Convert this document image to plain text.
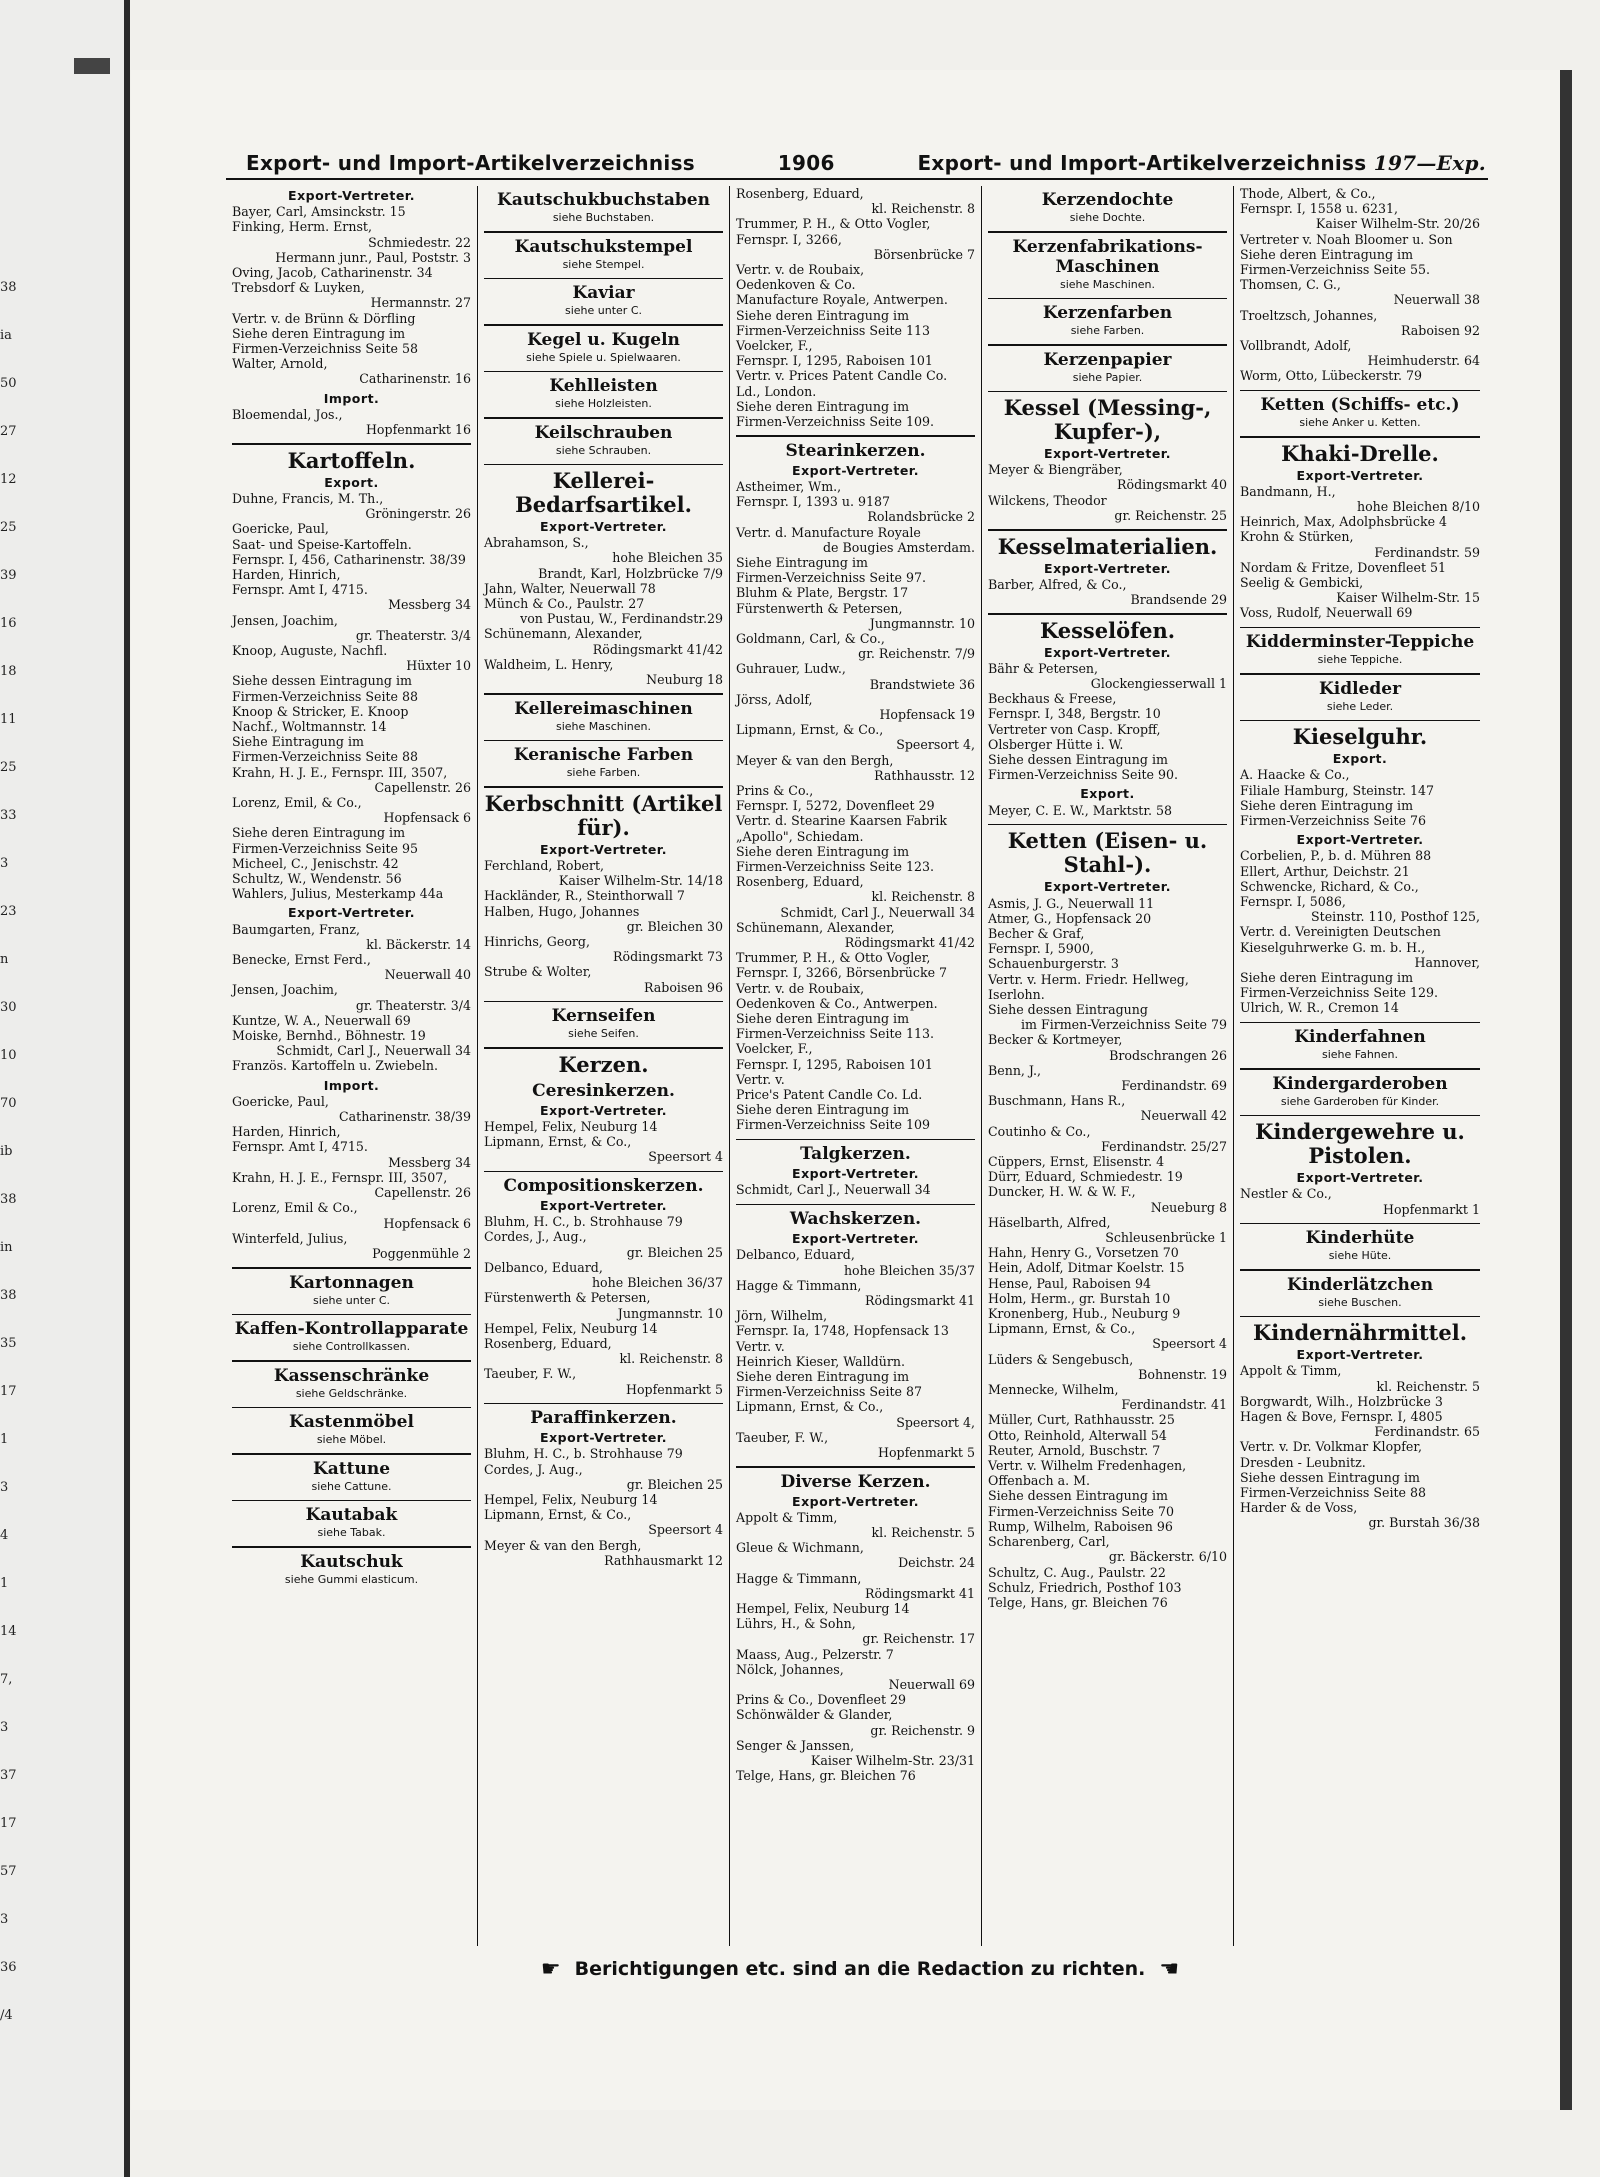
38
ia
50
27
12
25
39
16
18
11
25
33
3
23
n
30
10
70
ib
38
in
38
35
17
1
3
4
1
14
7,
3
37
17
57
3
36
/4
Export- und Import-Artikelverzeichniss	1906	Export- und Import-Artikelverzeichniss 197—Exp.
Export-Vertreter.
Bayer, Carl, Amsinckstr. 15
Finking, Herm. Ernst,
Schmiedestr. 22
Hermann junr., Paul, Poststr. 3
Oving, Jacob, Catharinenstr. 34
Trebsdorf & Luyken,
Hermannstr. 27
Vertr. v. de Brünn & Dörfling
Siehe deren Eintragung im
Firmen-Verzeichniss Seite 58
Walter, Arnold,
Catharinenstr. 16
Import.
Bloemendal, Jos.,
Hopfenmarkt 16
Kartoffeln.
Export.
Duhne, Francis, M. Th.,
Gröningerstr. 26
Goericke, Paul,
Saat- und Speise-Kartoffeln.
Fernspr. I, 456, Catharinenstr. 38/39
Harden, Hinrich,
Fernspr. Amt I, 4715.
Messberg 34
Jensen, Joachim,
gr. Theaterstr. 3/4
Knoop, Auguste, Nachfl.
Hüxter 10
Siehe dessen Eintragung im
Firmen-Verzeichniss Seite 88
Knoop & Stricker, E. Knoop
Nachf., Woltmannstr. 14
Siehe Eintragung im
Firmen-Verzeichniss Seite 88
Krahn, H. J. E., Fernspr. III, 3507,
Capellenstr. 26
Lorenz, Emil, & Co.,
Hopfensack 6
Siehe deren Eintragung im
Firmen-Verzeichniss Seite 95
Micheel, C., Jenischstr. 42
Schultz, W., Wendenstr. 56
Wahlers, Julius, Mesterkamp 44a
Export-Vertreter.
Baumgarten, Franz,
kl. Bäckerstr. 14
Benecke, Ernst Ferd.,
Neuerwall 40
Jensen, Joachim,
gr. Theaterstr. 3/4
Kuntze, W. A., Neuerwall 69
Moiske, Bernhd., Böhnestr. 19
Schmidt, Carl J., Neuerwall 34
Französ. Kartoffeln u. Zwiebeln.
Import.
Goericke, Paul,
Catharinenstr. 38/39
Harden, Hinrich,
Fernspr. Amt I, 4715.
Messberg 34
Krahn, H. J. E., Fernspr. III, 3507,
Capellenstr. 26
Lorenz, Emil & Co.,
Hopfensack 6
Winterfeld, Julius,
Poggenmühle 2
Kartonnagen
siehe unter C.
Kaffen-Kontrollapparate
siehe Controllkassen.
Kassenschränke
siehe Geldschränke.
Kastenmöbel
siehe Möbel.
Kattune
siehe Cattune.
Kautabak
siehe Tabak.
Kautschuk
siehe Gummi elasticum.
Kautschukbuchstaben
siehe Buchstaben.
Kautschukstempel
siehe Stempel.
Kaviar
siehe unter C.
Kegel u. Kugeln
siehe Spiele u. Spielwaaren.
Kehlleisten
siehe Holzleisten.
Keilschrauben
siehe Schrauben.
Kellerei-Bedarfsartikel.
Export-Vertreter.
Abrahamson, S.,
hohe Bleichen 35
Brandt, Karl, Holzbrücke 7/9
Jahn, Walter, Neuerwall 78
Münch & Co., Paulstr. 27
von Pustau, W., Ferdinandstr.29
Schünemann, Alexander,
Rödingsmarkt 41/42
Waldheim, L. Henry,
Neuburg 18
Kellereimaschinen
siehe Maschinen.
Keranische Farben
siehe Farben.
Kerbschnitt (Artikel für).
Export-Vertreter.
Ferchland, Robert,
Kaiser Wilhelm-Str. 14/18
Hackländer, R., Steinthorwall 7
Halben, Hugo, Johannes
gr. Bleichen 30
Hinrichs, Georg,
Rödingsmarkt 73
Strube & Wolter,
Raboisen 96
Kernseifen
siehe Seifen.
Kerzen.
Ceresinkerzen.
Export-Vertreter.
Hempel, Felix, Neuburg 14
Lipmann, Ernst, & Co.,
Speersort 4
Compositionskerzen.
Export-Vertreter.
Bluhm, H. C., b. Strohhause 79
Cordes, J., Aug.,
gr. Bleichen 25
Delbanco, Eduard,
hohe Bleichen 36/37
Fürstenwerth & Petersen,
Jungmannstr. 10
Hempel, Felix, Neuburg 14
Rosenberg, Eduard,
kl. Reichenstr. 8
Taeuber, F. W.,
Hopfenmarkt 5
Paraffinkerzen.
Export-Vertreter.
Bluhm, H. C., b. Strohhause 79
Cordes, J. Aug.,
gr. Bleichen 25
Hempel, Felix, Neuburg 14
Lipmann, Ernst, & Co.,
Speersort 4
Meyer & van den Bergh,
Rathhausmarkt 12
Rosenberg, Eduard,
kl. Reichenstr. 8
Trummer, P. H., & Otto Vogler,
Fernspr. I, 3266,
Börsenbrücke 7
Vertr. v. de Roubaix,
Oedenkoven & Co.
Manufacture Royale, Antwerpen.
Siehe deren Eintragung im
Firmen-Verzeichniss Seite 113
Voelcker, F.,
Fernspr. I, 1295, Raboisen 101
Vertr. v. Prices Patent Candle Co.
Ld., London.
Siehe deren Eintragung im
Firmen-Verzeichniss Seite 109.
Stearinkerzen.
Export-Vertreter.
Astheimer, Wm.,
Fernspr. I, 1393 u. 9187
Rolandsbrücke 2
Vertr. d. Manufacture Royale
de Bougies Amsterdam.
Siehe Eintragung im
Firmen-Verzeichniss Seite 97.
Bluhm & Plate, Bergstr. 17
Fürstenwerth & Petersen,
Jungmannstr. 10
Goldmann, Carl, & Co.,
gr. Reichenstr. 7/9
Guhrauer, Ludw.,
Brandstwiete 36
Jörss, Adolf,
Hopfensack 19
Lipmann, Ernst, & Co.,
Speersort 4,
Meyer & van den Bergh,
Rathhausstr. 12
Prins & Co.,
Fernspr. I, 5272, Dovenfleet 29
Vertr. d. Stearine Kaarsen Fabrik
„Apollo", Schiedam.
Siehe deren Eintragung im
Firmen-Verzeichniss Seite 123.
Rosenberg, Eduard,
kl. Reichenstr. 8
Schmidt, Carl J., Neuerwall 34
Schünemann, Alexander,
Rödingsmarkt 41/42
Trummer, P. H., & Otto Vogler,
Fernspr. I, 3266, Börsenbrücke 7
Vertr. v. de Roubaix,
Oedenkoven & Co., Antwerpen.
Siehe deren Eintragung im
Firmen-Verzeichniss Seite 113.
Voelcker, F.,
Fernspr. I, 1295, Raboisen 101
Vertr. v.
Price's Patent Candle Co. Ld.
Siehe deren Eintragung im
Firmen-Verzeichniss Seite 109
Talgkerzen.
Export-Vertreter.
Schmidt, Carl J., Neuerwall 34
Wachskerzen.
Export-Vertreter.
Delbanco, Eduard,
hohe Bleichen 35/37
Hagge & Timmann,
Rödingsmarkt 41
Jörn, Wilhelm,
Fernspr. Ia, 1748, Hopfensack 13
Vertr. v.
Heinrich Kieser, Walldürn.
Siehe deren Eintragung im
Firmen-Verzeichniss Seite 87
Lipmann, Ernst, & Co.,
Speersort 4,
Taeuber, F. W.,
Hopfenmarkt 5
Diverse Kerzen.
Export-Vertreter.
Appolt & Timm,
kl. Reichenstr. 5
Gleue & Wichmann,
Deichstr. 24
Hagge & Timmann,
Rödingsmarkt 41
Hempel, Felix, Neuburg 14
Lührs, H., & Sohn,
gr. Reichenstr. 17
Maass, Aug., Pelzerstr. 7
Nölck, Johannes,
Neuerwall 69
Prins & Co., Dovenfleet 29
Schönwälder & Glander,
gr. Reichenstr. 9
Senger & Janssen,
Kaiser Wilhelm-Str. 23/31
Telge, Hans, gr. Bleichen 76
Kerzendochte
siehe Dochte.
Kerzenfabrikations-Maschinen
siehe Maschinen.
Kerzenfarben
siehe Farben.
Kerzenpapier
siehe Papier.
Kessel (Messing-, Kupfer-),
Export-Vertreter.
Meyer & Biengräber,
Rödingsmarkt 40
Wilckens, Theodor
gr. Reichenstr. 25
Kesselmaterialien.
Export-Vertreter.
Barber, Alfred, & Co.,
Brandsende 29
Kesselöfen.
Export-Vertreter.
Bähr & Petersen,
Glockengiesserwall 1
Beckhaus & Freese,
Fernspr. I, 348, Bergstr. 10
Vertreter von Casp. Kropff,
Olsberger Hütte i. W.
Siehe dessen Eintragung im
Firmen-Verzeichniss Seite 90.
Export.
Meyer, C. E. W., Marktstr. 58
Ketten (Eisen- u. Stahl-).
Export-Vertreter.
Asmis, J. G., Neuerwall 11
Atmer, G., Hopfensack 20
Becher & Graf,
Fernspr. I, 5900,
Schauenburgerstr. 3
Vertr. v. Herm. Friedr. Hellweg,
Iserlohn.
Siehe dessen Eintragung
im Firmen-Verzeichniss Seite 79
Becker & Kortmeyer,
Brodschrangen 26
Benn, J.,
Ferdinandstr. 69
Buschmann, Hans R.,
Neuerwall 42
Coutinho & Co.,
Ferdinandstr. 25/27
Cüppers, Ernst, Elisenstr. 4
Dürr, Eduard, Schmiedestr. 19
Duncker, H. W. & W. F.,
Neueburg 8
Häselbarth, Alfred,
Schleusenbrücke 1
Hahn, Henry G., Vorsetzen 70
Hein, Adolf, Ditmar Koelstr. 15
Hense, Paul, Raboisen 94
Holm, Herm., gr. Burstah 10
Kronenberg, Hub., Neuburg 9
Lipmann, Ernst, & Co.,
Speersort 4
Lüders & Sengebusch,
Bohnenstr. 19
Mennecke, Wilhelm,
Ferdinandstr. 41
Müller, Curt, Rathhausstr. 25
Otto, Reinhold, Alterwall 54
Reuter, Arnold, Buschstr. 7
Vertr. v. Wilhelm Fredenhagen,
Offenbach a. M.
Siehe dessen Eintragung im
Firmen-Verzeichniss Seite 70
Rump, Wilhelm, Raboisen 96
Scharenberg, Carl,
gr. Bäckerstr. 6/10
Schultz, C. Aug., Paulstr. 22
Schulz, Friedrich, Posthof 103
Telge, Hans, gr. Bleichen 76
Thode, Albert, & Co.,
Fernspr. I, 1558 u. 6231,
Kaiser Wilhelm-Str. 20/26
Vertreter v. Noah Bloomer u. Son
Siehe deren Eintragung im
Firmen-Verzeichniss Seite 55.
Thomsen, C. G.,
Neuerwall 38
Troeltzsch, Johannes,
Raboisen 92
Vollbrandt, Adolf,
Heimhuderstr. 64
Worm, Otto, Lübeckerstr. 79
Ketten (Schiffs- etc.)
siehe Anker u. Ketten.
Khaki-Drelle.
Export-Vertreter.
Bandmann, H.,
hohe Bleichen 8/10
Heinrich, Max, Adolphsbrücke 4
Krohn & Stürken,
Ferdinandstr. 59
Nordam & Fritze, Dovenfleet 51
Seelig & Gembicki,
Kaiser Wilhelm-Str. 15
Voss, Rudolf, Neuerwall 69
Kidderminster-Teppiche
siehe Teppiche.
Kidleder
siehe Leder.
Kieselguhr.
Export.
A. Haacke & Co.,
Filiale Hamburg, Steinstr. 147
Siehe deren Eintragung im
Firmen-Verzeichniss Seite 76
Export-Vertreter.
Corbelien, P., b. d. Mühren 88
Ellert, Arthur, Deichstr. 21
Schwencke, Richard, & Co.,
Fernspr. I, 5086,
Steinstr. 110, Posthof 125,
Vertr. d. Vereinigten Deutschen
Kieselguhrwerke G. m. b. H.,
Hannover,
Siehe deren Eintragung im
Firmen-Verzeichniss Seite 129.
Ulrich, W. R., Cremon 14
Kinderfahnen
siehe Fahnen.
Kindergarderoben
siehe Garderoben für Kinder.
Kindergewehre u. Pistolen.
Export-Vertreter.
Nestler & Co.,
Hopfenmarkt 1
Kinderhüte
siehe Hüte.
Kinderlätzchen
siehe Buschen.
Kindernährmittel.
Export-Vertreter.
Appolt & Timm,
kl. Reichenstr. 5
Borgwardt, Wilh., Holzbrücke 3
Hagen & Bove, Fernspr. I, 4805
Ferdinandstr. 65
Vertr. v. Dr. Volkmar Klopfer,
Dresden - Leubnitz.
Siehe dessen Eintragung im
Firmen-Verzeichniss Seite 88
Harder & de Voss,
gr. Burstah 36/38
☛ Berichtigungen etc. sind an die Redaction zu richten. ☚
